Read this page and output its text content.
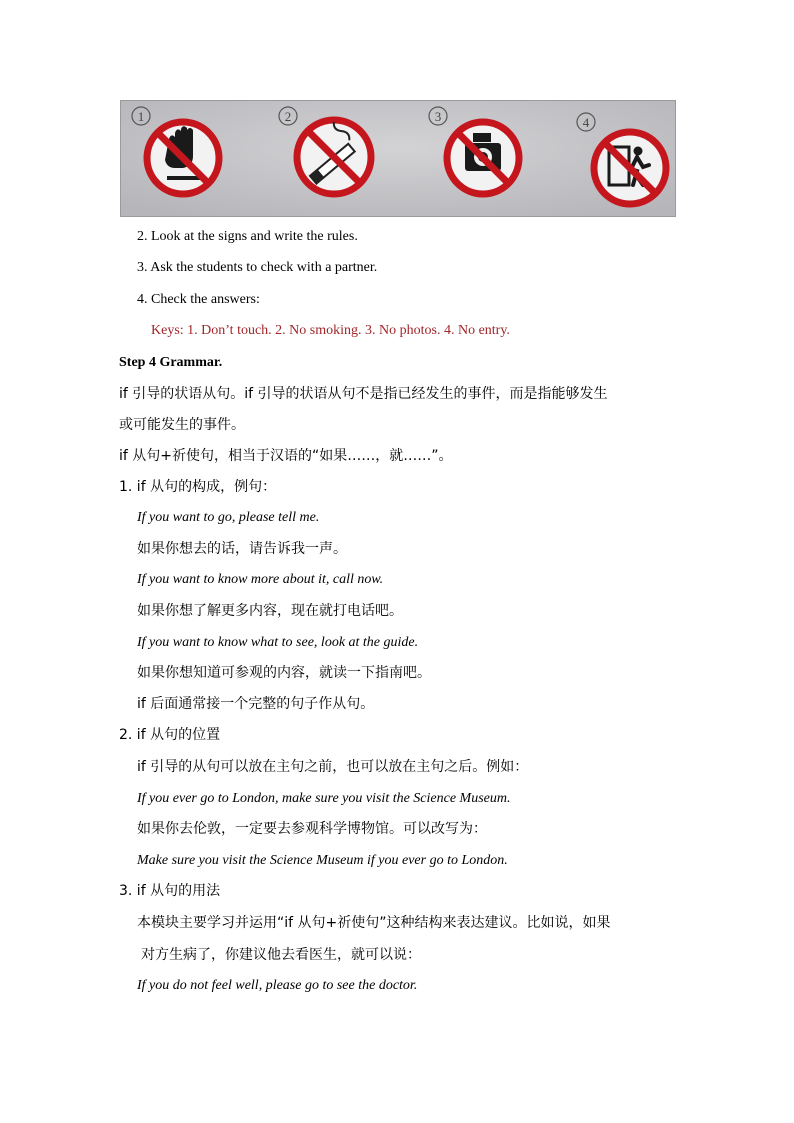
1	2	3	4
2. Look at the signs and write the rules.
3. Ask the students to check with a partner.
4. Check the answers:
Keys: 1. Don’t touch. 2. No smoking. 3. No photos. 4. No entry.
Step 4 Grammar.
if 引导的状语从句。if 引导的状语从句不是指已经发生的事件，而是指能够发生
或可能发生的事件。
if 从句+祈使句，相当于汉语的“如果……，就……”。
1. if 从句的构成，例句：
If you want to go, please tell me.
如果你想去的话，请告诉我一声。
If you want to know more about it, call now.
如果你想了解更多内容，现在就打电话吧。
If you want to know what to see, look at the guide.
如果你想知道可参观的内容，就读一下指南吧。
if 后面通常接一个完整的句子作从句。
2. if 从句的位置
if 引导的从句可以放在主句之前，也可以放在主句之后。例如：
If you ever go to London, make sure you visit the Science Museum.
如果你去伦敦，一定要去参观科学博物馆。可以改写为：
Make sure you visit the Science Museum if you ever go to London.
3. if 从句的用法
本模块主要学习并运用“if 从句+祈使句”这种结构来表达建议。比如说，如果
对方生病了，你建议他去看医生，就可以说：
If you do not feel well, please go to see the doctor.
